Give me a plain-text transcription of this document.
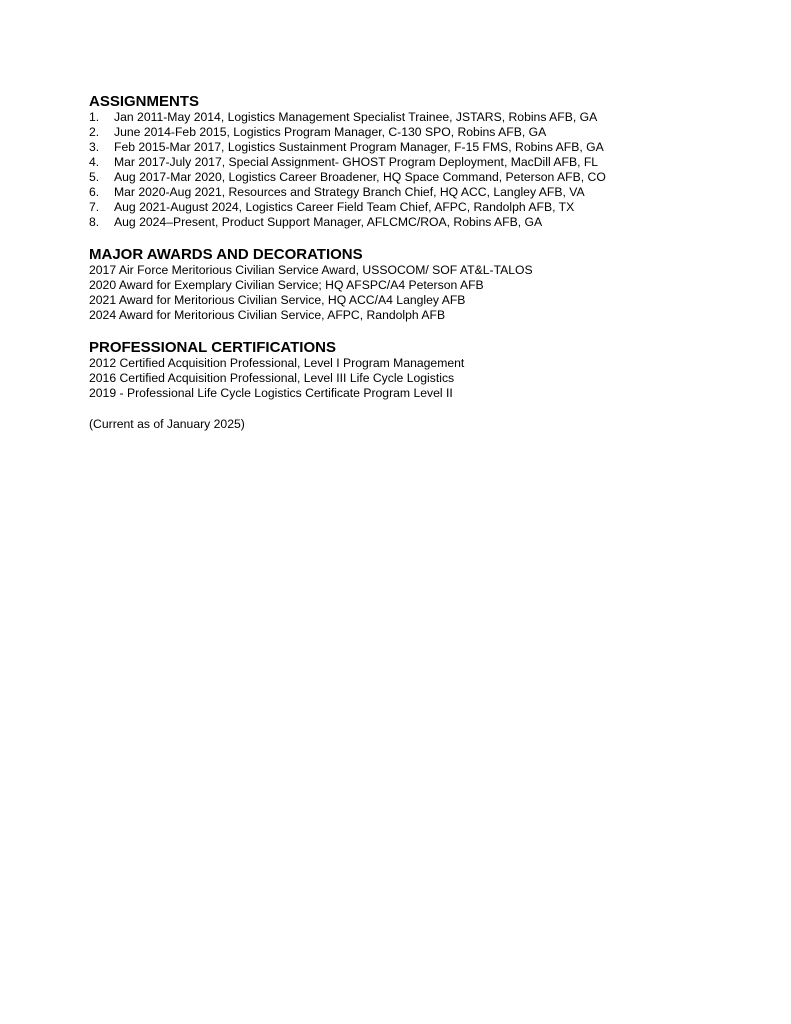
ASSIGNMENTS
1.	Jan 2011-May 2014, Logistics Management Specialist Trainee, JSTARS, Robins AFB, GA
2.	June 2014-Feb 2015, Logistics Program Manager, C-130 SPO, Robins AFB, GA
3.	Feb 2015-Mar 2017, Logistics Sustainment Program Manager, F-15 FMS, Robins AFB, GA
4.	Mar 2017-July 2017, Special Assignment- GHOST Program Deployment, MacDill AFB, FL
5.	Aug 2017-Mar 2020, Logistics Career Broadener, HQ Space Command, Peterson AFB, CO
6.	Mar 2020-Aug 2021, Resources and Strategy Branch Chief, HQ ACC, Langley AFB, VA
7.	Aug 2021-August 2024, Logistics Career Field Team Chief, AFPC, Randolph AFB, TX
8.	Aug 2024–Present, Product Support Manager, AFLCMC/ROA, Robins AFB, GA
MAJOR AWARDS AND DECORATIONS
2017 Air Force Meritorious Civilian Service Award, USSOCOM/ SOF AT&L-TALOS
2020 Award for Exemplary Civilian Service; HQ AFSPC/A4 Peterson AFB
2021 Award for Meritorious Civilian Service, HQ ACC/A4 Langley AFB
2024 Award for Meritorious Civilian Service, AFPC, Randolph AFB
PROFESSIONAL CERTIFICATIONS
2012 Certified Acquisition Professional, Level I Program Management
2016 Certified Acquisition Professional, Level III Life Cycle Logistics
2019 - Professional Life Cycle Logistics Certificate Program Level II
(Current as of January 2025)
